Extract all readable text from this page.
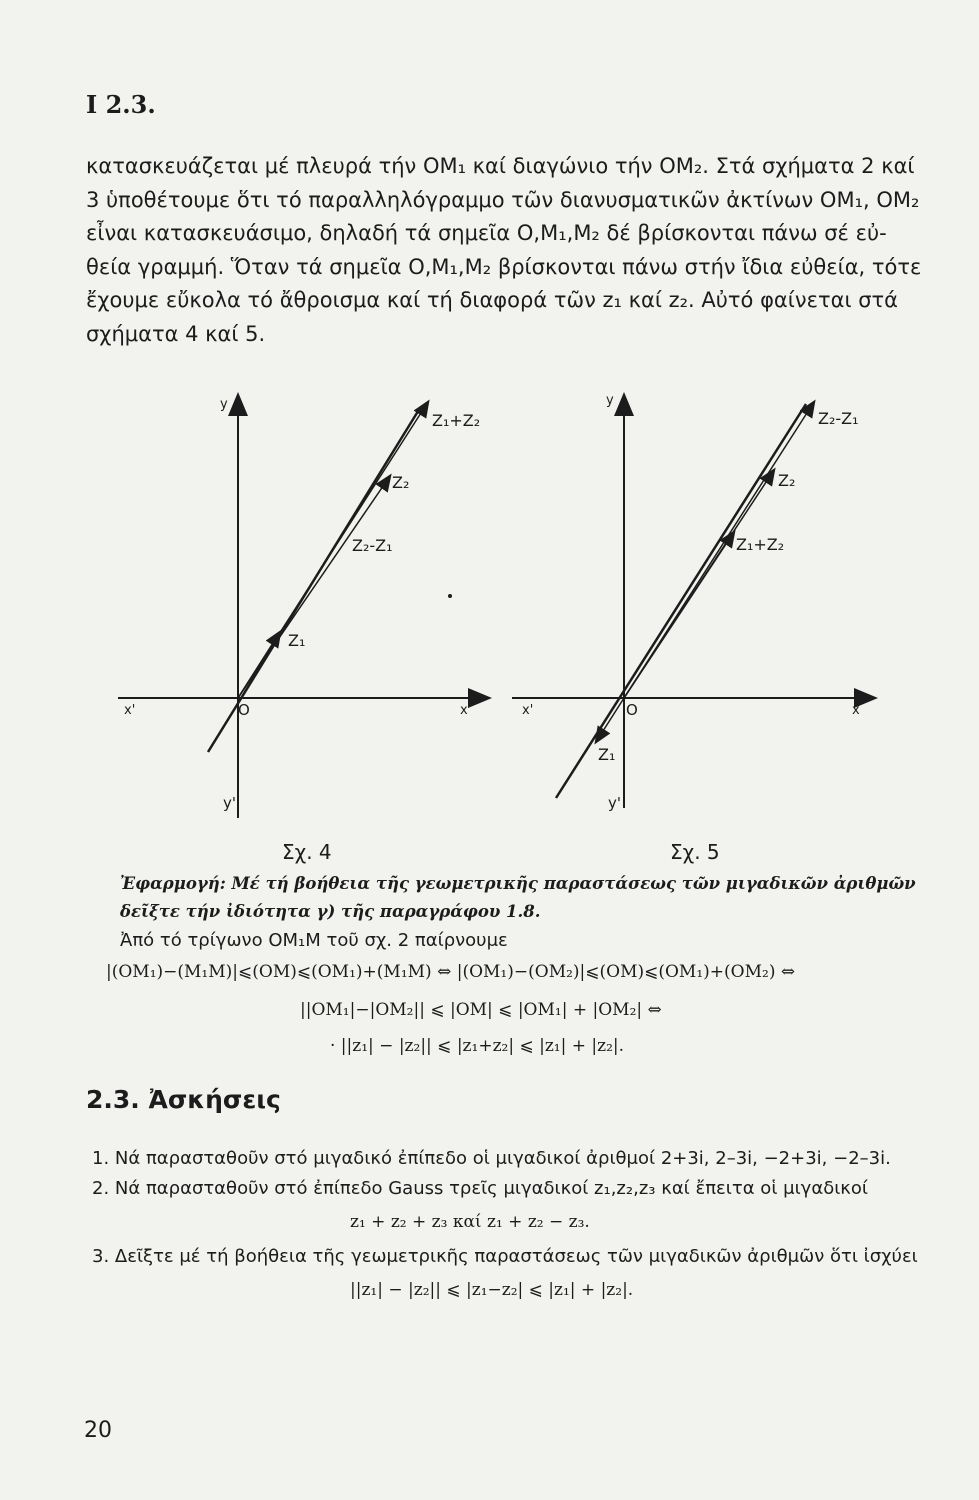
I 2.3.
κατασκευάζεται μέ πλευρά τήν OM₁ καί διαγώνιο τήν OM₂. Στά σχήματα 2 καί
3 ὑποθέτουμε ὅτι τό παραλληλόγραμμο τῶν διανυσματικῶν ἀκτίνων OM₁, OM₂
εἶναι κατασκευάσιμο, δηλαδή τά σημεῖα O,M₁,M₂ δέ βρίσκονται πάνω σέ εὐ-
θεία γραμμή. Ὅταν τά σημεῖα O,M₁,M₂ βρίσκονται πάνω στήν ἴδια εὐθεία, τότε
ἔχουμε εὔκολα τό ἄθροισμα καί τή διαφορά τῶν z₁ καί z₂. Αὐτό φαίνεται στά
σχήματα 4 καί 5.
y
y'
x
x'	O
Z₁+Z₂
Z₂
Z₂-Z₁
Z₁
y
y'
x
x'	O
Z₂-Z₁
Z₂
Z₁+Z₂
Z₁
Σχ. 4	Σχ. 5
Ἐφαρμογή: Μέ τή βοήθεια τῆς γεωμετρικῆς παραστάσεως τῶν μιγαδικῶν ἀριθμῶν δεῖξτε τήν ἰδιότητα γ) τῆς παραγράφου 1.8.
Ἀπό τό τρίγωνο OM₁M τοῦ σχ. 2 παίρνουμε
|(OM₁)−(M₁M)|⩽(OM)⩽(OM₁)+(M₁M) ⇔ |(OM₁)−(OM₂)|⩽(OM)⩽(OM₁)+(OM₂) ⇔
||OM₁|−|OM₂|| ⩽ |OM| ⩽ |OM₁| + |OM₂| ⇔
· ||z₁| − |z₂|| ⩽ |z₁+z₂| ⩽ |z₁| + |z₂|.
2.3. Ἀσκήσεις
1. Νά παρασταθοῦν στό μιγαδικό ἐπίπεδο οἱ μιγαδικοί ἀριθμοί 2+3i, 2–3i, −2+3i, −2–3i.
2. Νά παρασταθοῦν στό ἐπίπεδο Gauss τρεῖς μιγαδικοί z₁,z₂,z₃ καί ἔπειτα οἱ μιγαδικοί
z₁ + z₂ + z₃ καί z₁ + z₂ − z₃.
3. Δεῖξτε μέ τή βοήθεια τῆς γεωμετρικῆς παραστάσεως τῶν μιγαδικῶν ἀριθμῶν ὅτι ἰσχύει
||z₁| − |z₂|| ⩽ |z₁−z₂| ⩽ |z₁| + |z₂|.
20
